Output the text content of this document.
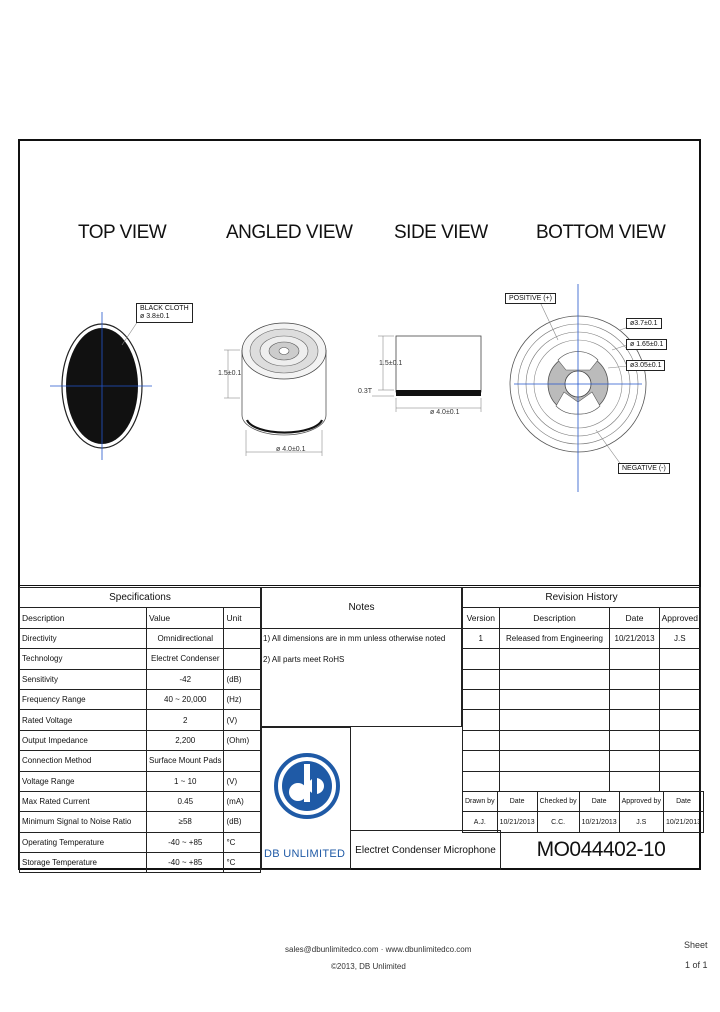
TOP VIEW	ANGLED VIEW SIDE VIEW	BOTTOM VIEW
BLACK CLOTH
ø 3.8±0.1
1.5±0.1
ø 4.0±0.1
1.5±0.1
0.3T
ø 4.0±0.1
POSITIVE (+)
NEGATIVE (-)
ø3.7±0.1
ø 1.65±0.1
ø3.05±0.1
Specifications		
Description	Value	Unit
Directivity	Omnidirectional	
Technology	Electret Condenser	
Sensitivity	-42	(dB)
Frequency Range	40 ~ 20,000	(Hz)
Rated Voltage	2	(V)
Output Impedance	2,200	(Ohm)
Connection Method	Surface Mount Pads	
Voltage Range	1 ~ 10	(V)
Max Rated Current	0.45	(mA)
Minimum Signal to Noise Ratio	≥58	(dB)
Operating Temperature	-40 ~ +85	°C
Storage Temperature	-40 ~ +85	°C
Notes
1) All dimensions are in mm unless otherwise noted
2) All parts meet RoHS
DB UNLIMITED
Revision History			
Version	Description	Date	Approved
1	Released from Engineering	10/21/2013	J.S

Drawn by	Date	Checked by	Date	Approved by	Date
A.J.	10/21/2013	C.C.	10/21/2013	J.S	10/21/2013
Electret Condenser Microphone	MO044402-10
sales@dbunlimitedco.com · www.dbunlimitedco.com
©2013, DB Unlimited
Sheet
1 of 1
